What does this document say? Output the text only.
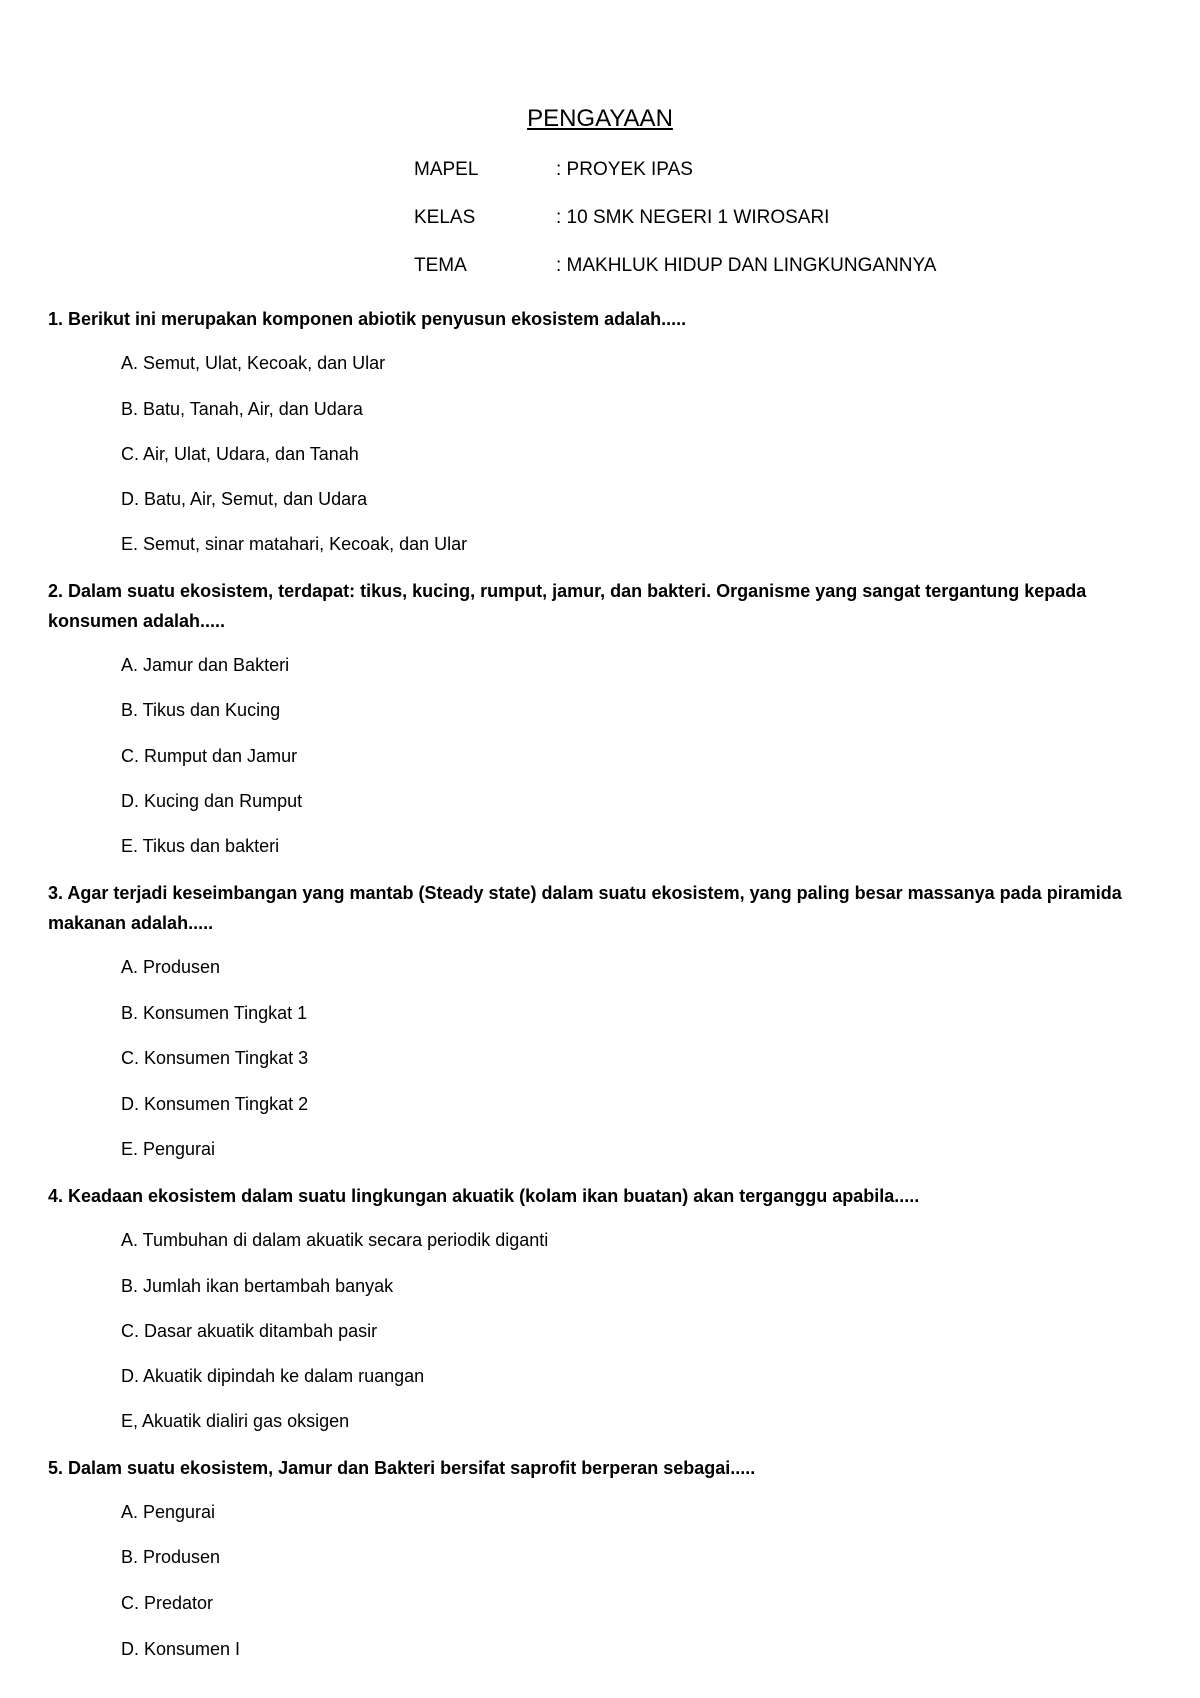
PENGAYAAN
MAPEL	: PROYEK IPAS
KELAS	: 10 SMK NEGERI 1 WIROSARI
TEMA	: MAKHLUK HIDUP DAN LINGKUNGANNYA
1. Berikut ini merupakan komponen abiotik penyusun ekosistem adalah.....
A. Semut, Ulat, Kecoak, dan Ular
B. Batu, Tanah, Air, dan Udara
C. Air, Ulat, Udara, dan Tanah
D. Batu, Air, Semut, dan Udara
E. Semut, sinar matahari, Kecoak, dan Ular
2. Dalam suatu ekosistem, terdapat: tikus, kucing, rumput, jamur, dan bakteri. Organisme yang sangat tergantung kepada konsumen adalah.....
A. Jamur dan Bakteri
B. Tikus dan Kucing
C. Rumput dan Jamur
D. Kucing dan Rumput
E. Tikus dan bakteri
3. Agar terjadi keseimbangan yang mantab (Steady state) dalam suatu ekosistem, yang paling besar massanya pada piramida makanan adalah.....
A. Produsen
B. Konsumen Tingkat 1
C. Konsumen Tingkat 3
D. Konsumen Tingkat 2
E. Pengurai
4. Keadaan ekosistem dalam suatu lingkungan akuatik (kolam ikan buatan) akan terganggu apabila.....
A. Tumbuhan di dalam akuatik secara periodik diganti
B. Jumlah ikan bertambah banyak
C. Dasar akuatik ditambah pasir
D. Akuatik dipindah ke dalam ruangan
E, Akuatik dialiri gas oksigen
5. Dalam suatu ekosistem, Jamur dan Bakteri bersifat saprofit berperan sebagai.....
A. Pengurai
B. Produsen
C. Predator
D. Konsumen I
